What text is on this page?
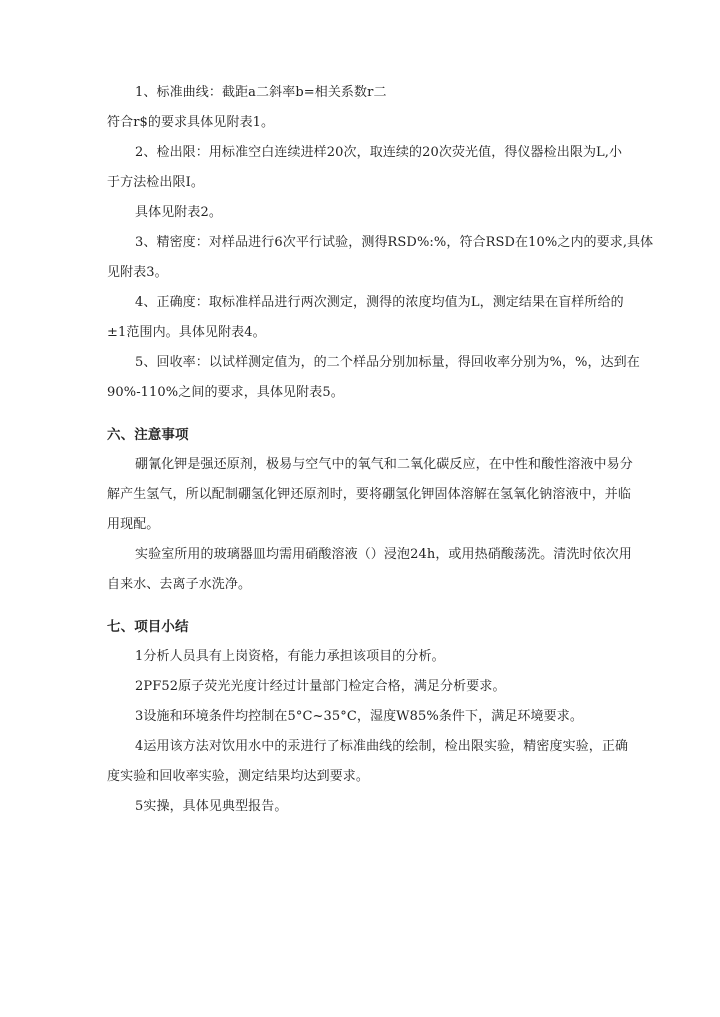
1、标准曲线：截距a二斜率b=相关系数r二
符合r$的要求具体见附表1。
2、检出限：用标准空白连续进样20次，取连续的20次荧光值，得仪器检出限为L,小
于方法检出限I。
具体见附表2。
3、精密度：对样品进行6次平行试验，测得RSD%:%，符合RSD在10%之内的要求,具体
见附表3。
4、正确度：取标准样品进行两次测定，测得的浓度均值为L，测定结果在盲样所给的
±1范围内。具体见附表4。
5、回收率：以试样测定值为，的二个样品分别加标量，得回收率分别为%，%，达到在
90%-110%之间的要求，具体见附表5。
六、注意事项
硼氰化钾是强还原剂，极易与空气中的氧气和二氧化碳反应，在中性和酸性溶液中易分
解产生氢气，所以配制硼氢化钾还原剂时，要将硼氢化钾固体溶解在氢氧化钠溶液中，并临
用现配。
实验室所用的玻璃器皿均需用硝酸溶液（）浸泡24h，或用热硝酸荡洗。清洗时依次用
自来水、去离子水洗净。
七、项目小结
1分析人员具有上岗资格，有能力承担该项目的分析。
2PF52原子荧光光度计经过计量部门检定合格，满足分析要求。
3设施和环境条件均控制在5°C~35°C，湿度W85%条件下，满足环境要求。
4运用该方法对饮用水中的汞进行了标准曲线的绘制，检出限实验，精密度实验，正确
度实验和回收率实验，测定结果均达到要求。
5实操，具体见典型报告。
